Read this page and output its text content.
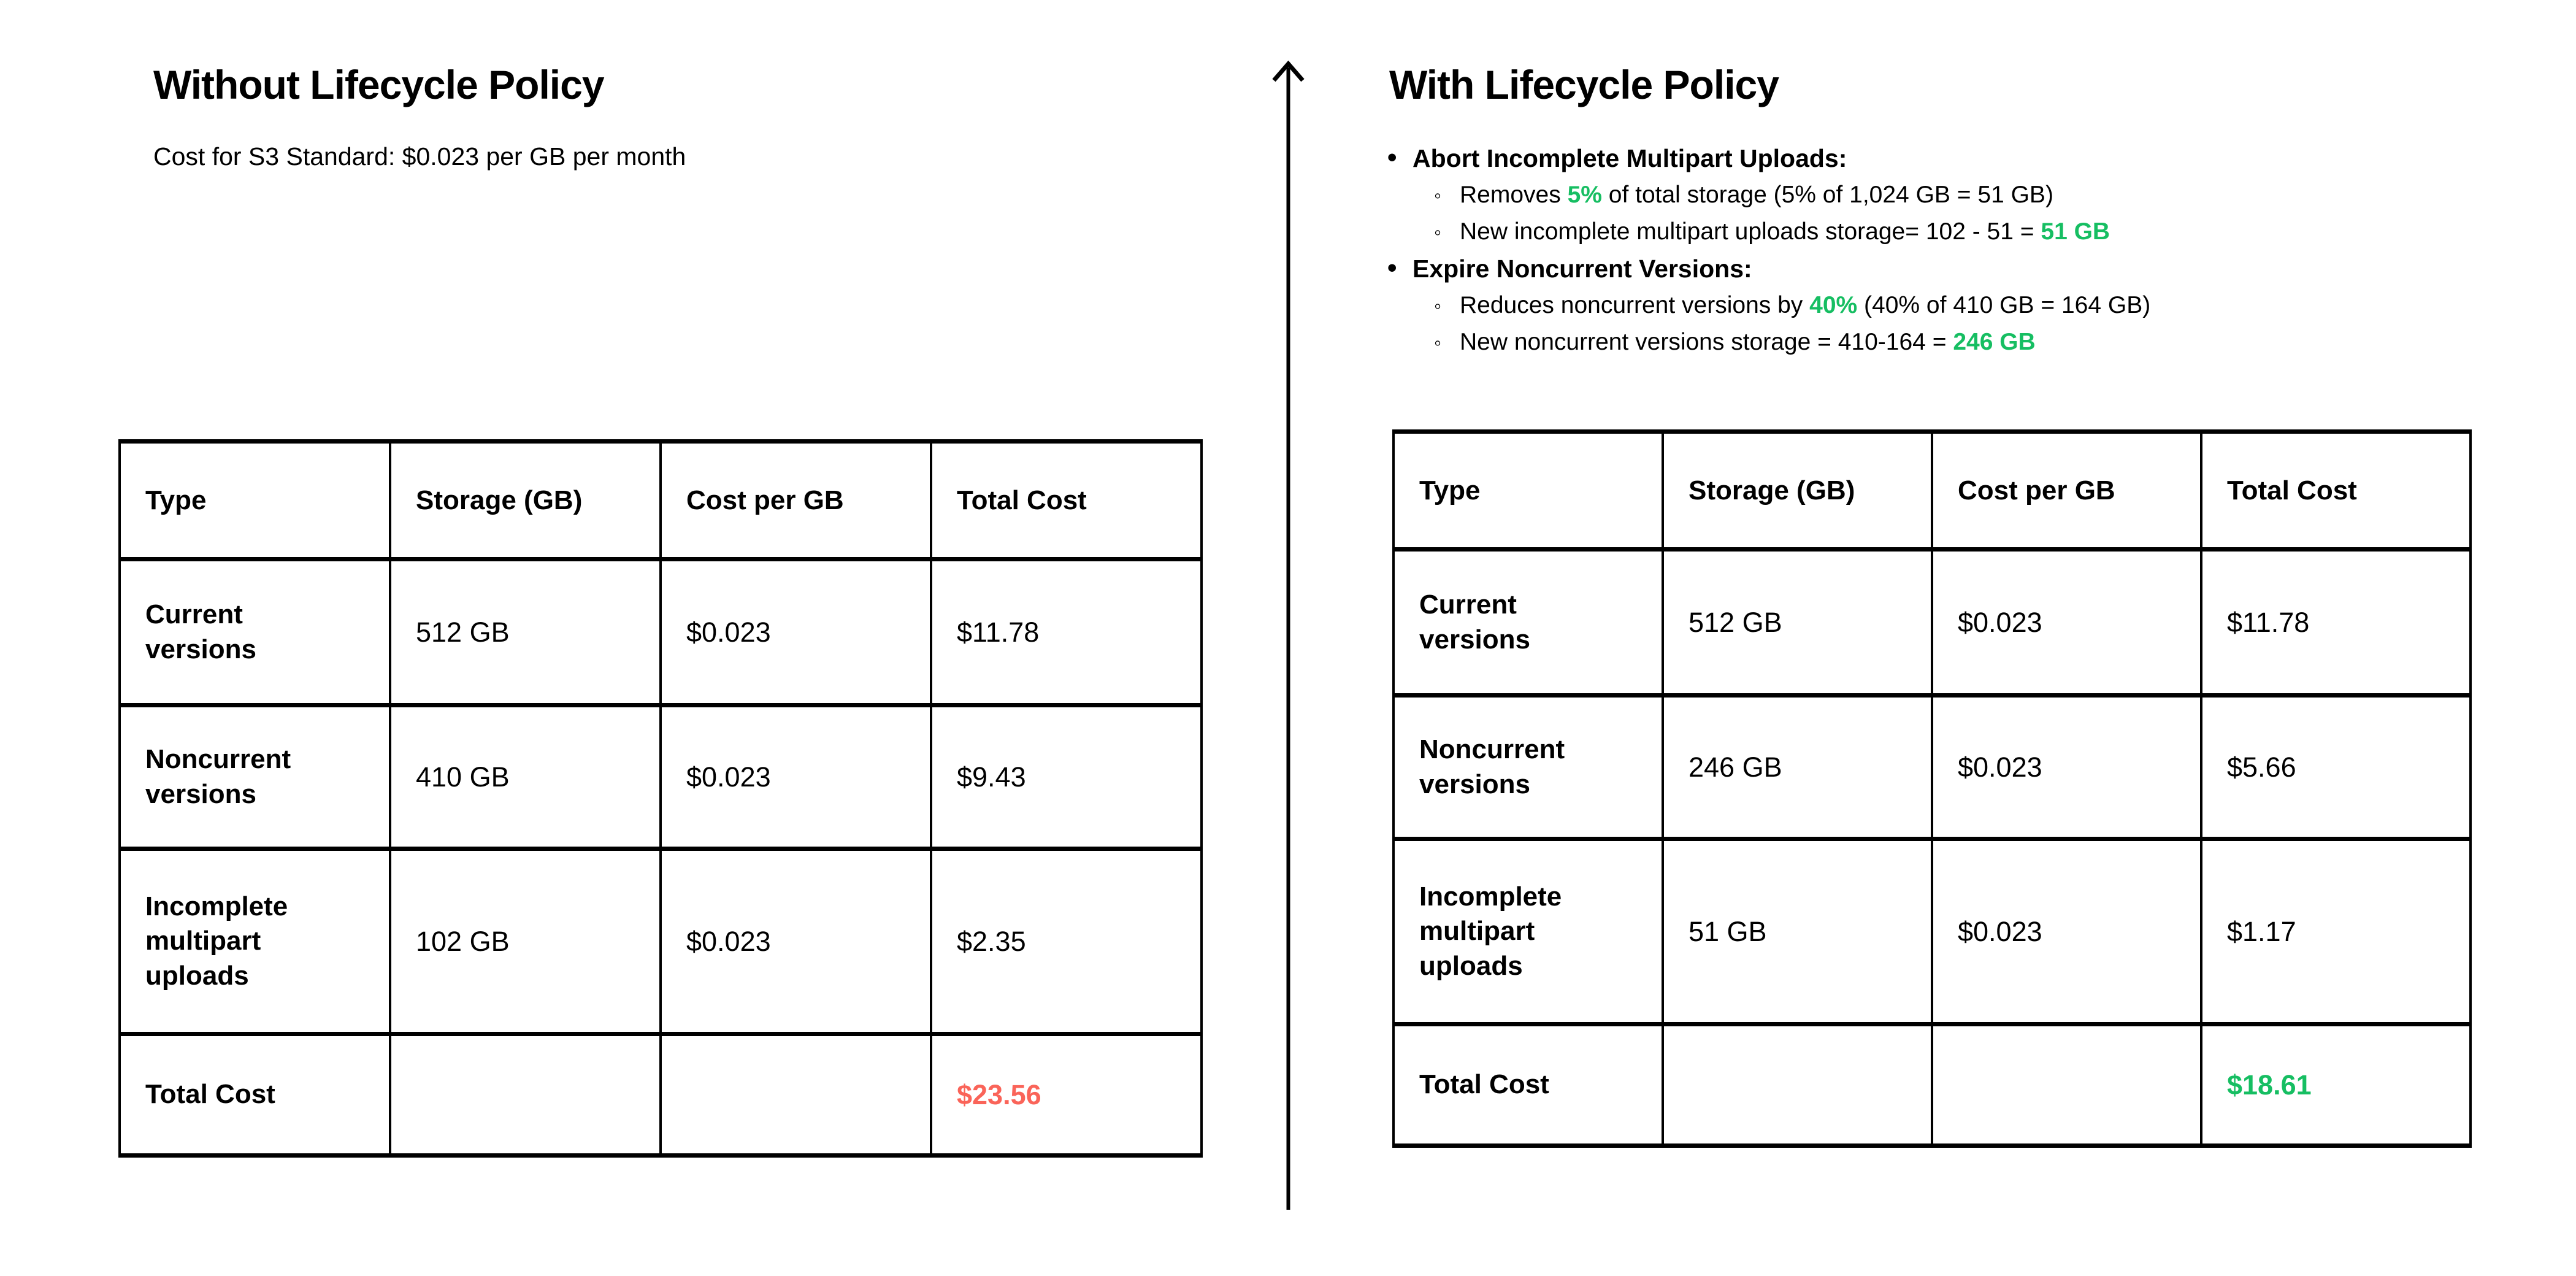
Without Lifecycle Policy

Cost for S3 Standard: $0.023 per GB per month

Type	Storage (GB)	Cost per GB	Total Cost
Current versions	512 GB	$0.023	$11.78
Noncurrent versions	410 GB	$0.023	$9.43
Incomplete multipart uploads	102 GB	$0.023	$2.35
Total Cost			$23.56
With Lifecycle Policy
• Abort Incomplete Multipart Uploads:
◦ Removes 5% of total storage (5% of 1,024 GB = 51 GB)
◦ New incomplete multipart uploads storage= 102 - 51 = 51 GB
• Expire Noncurrent Versions:
◦ Reduces noncurrent versions by 40% (40% of 410 GB = 164 GB)
◦ New noncurrent versions storage = 410-164 = 246 GB
Type	Storage (GB)	Cost per GB	Total Cost
Current versions	512 GB	$0.023	$11.78
Noncurrent versions	246 GB	$0.023	$5.66
Incomplete multipart uploads	51 GB	$0.023	$1.17
Total Cost			$18.61
